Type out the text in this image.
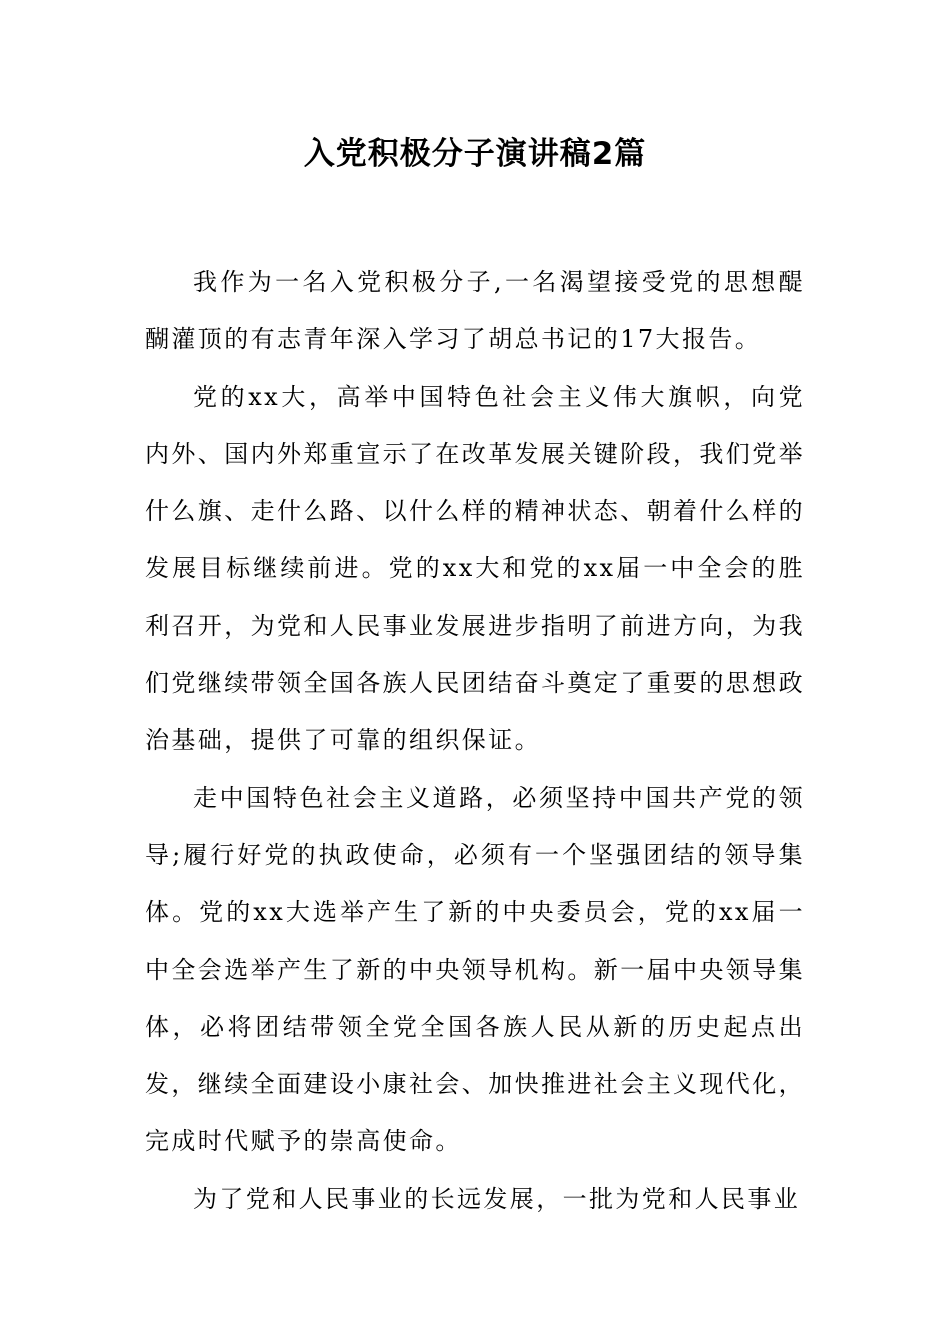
入党积极分子演讲稿2篇

我作为一名入党积极分子,一名渴望接受党的思想醍醐灌顶的有志青年深入学习了胡总书记的17大报告。

党的xx大，高举中国特色社会主义伟大旗帜，向党内外、国内外郑重宣示了在改革发展关键阶段，我们党举什么旗、走什么路、以什么样的精神状态、朝着什么样的发展目标继续前进。党的xx大和党的xx届一中全会的胜利召开，为党和人民事业发展进步指明了前进方向，为我们党继续带领全国各族人民团结奋斗奠定了重要的思想政治基础，提供了可靠的组织保证。

走中国特色社会主义道路，必须坚持中国共产党的领导;履行好党的执政使命，必须有一个坚强团结的领导集体。党的xx大选举产生了新的中央委员会，党的xx届一中全会选举产生了新的中央领导机构。新一届中央领导集体，必将团结带领全党全国各族人民从新的历史起点出发，继续全面建设小康社会、加快推进社会主义现代化，完成时代赋予的崇高使命。

为了党和人民事业的长远发展，一批为党和人民事业
